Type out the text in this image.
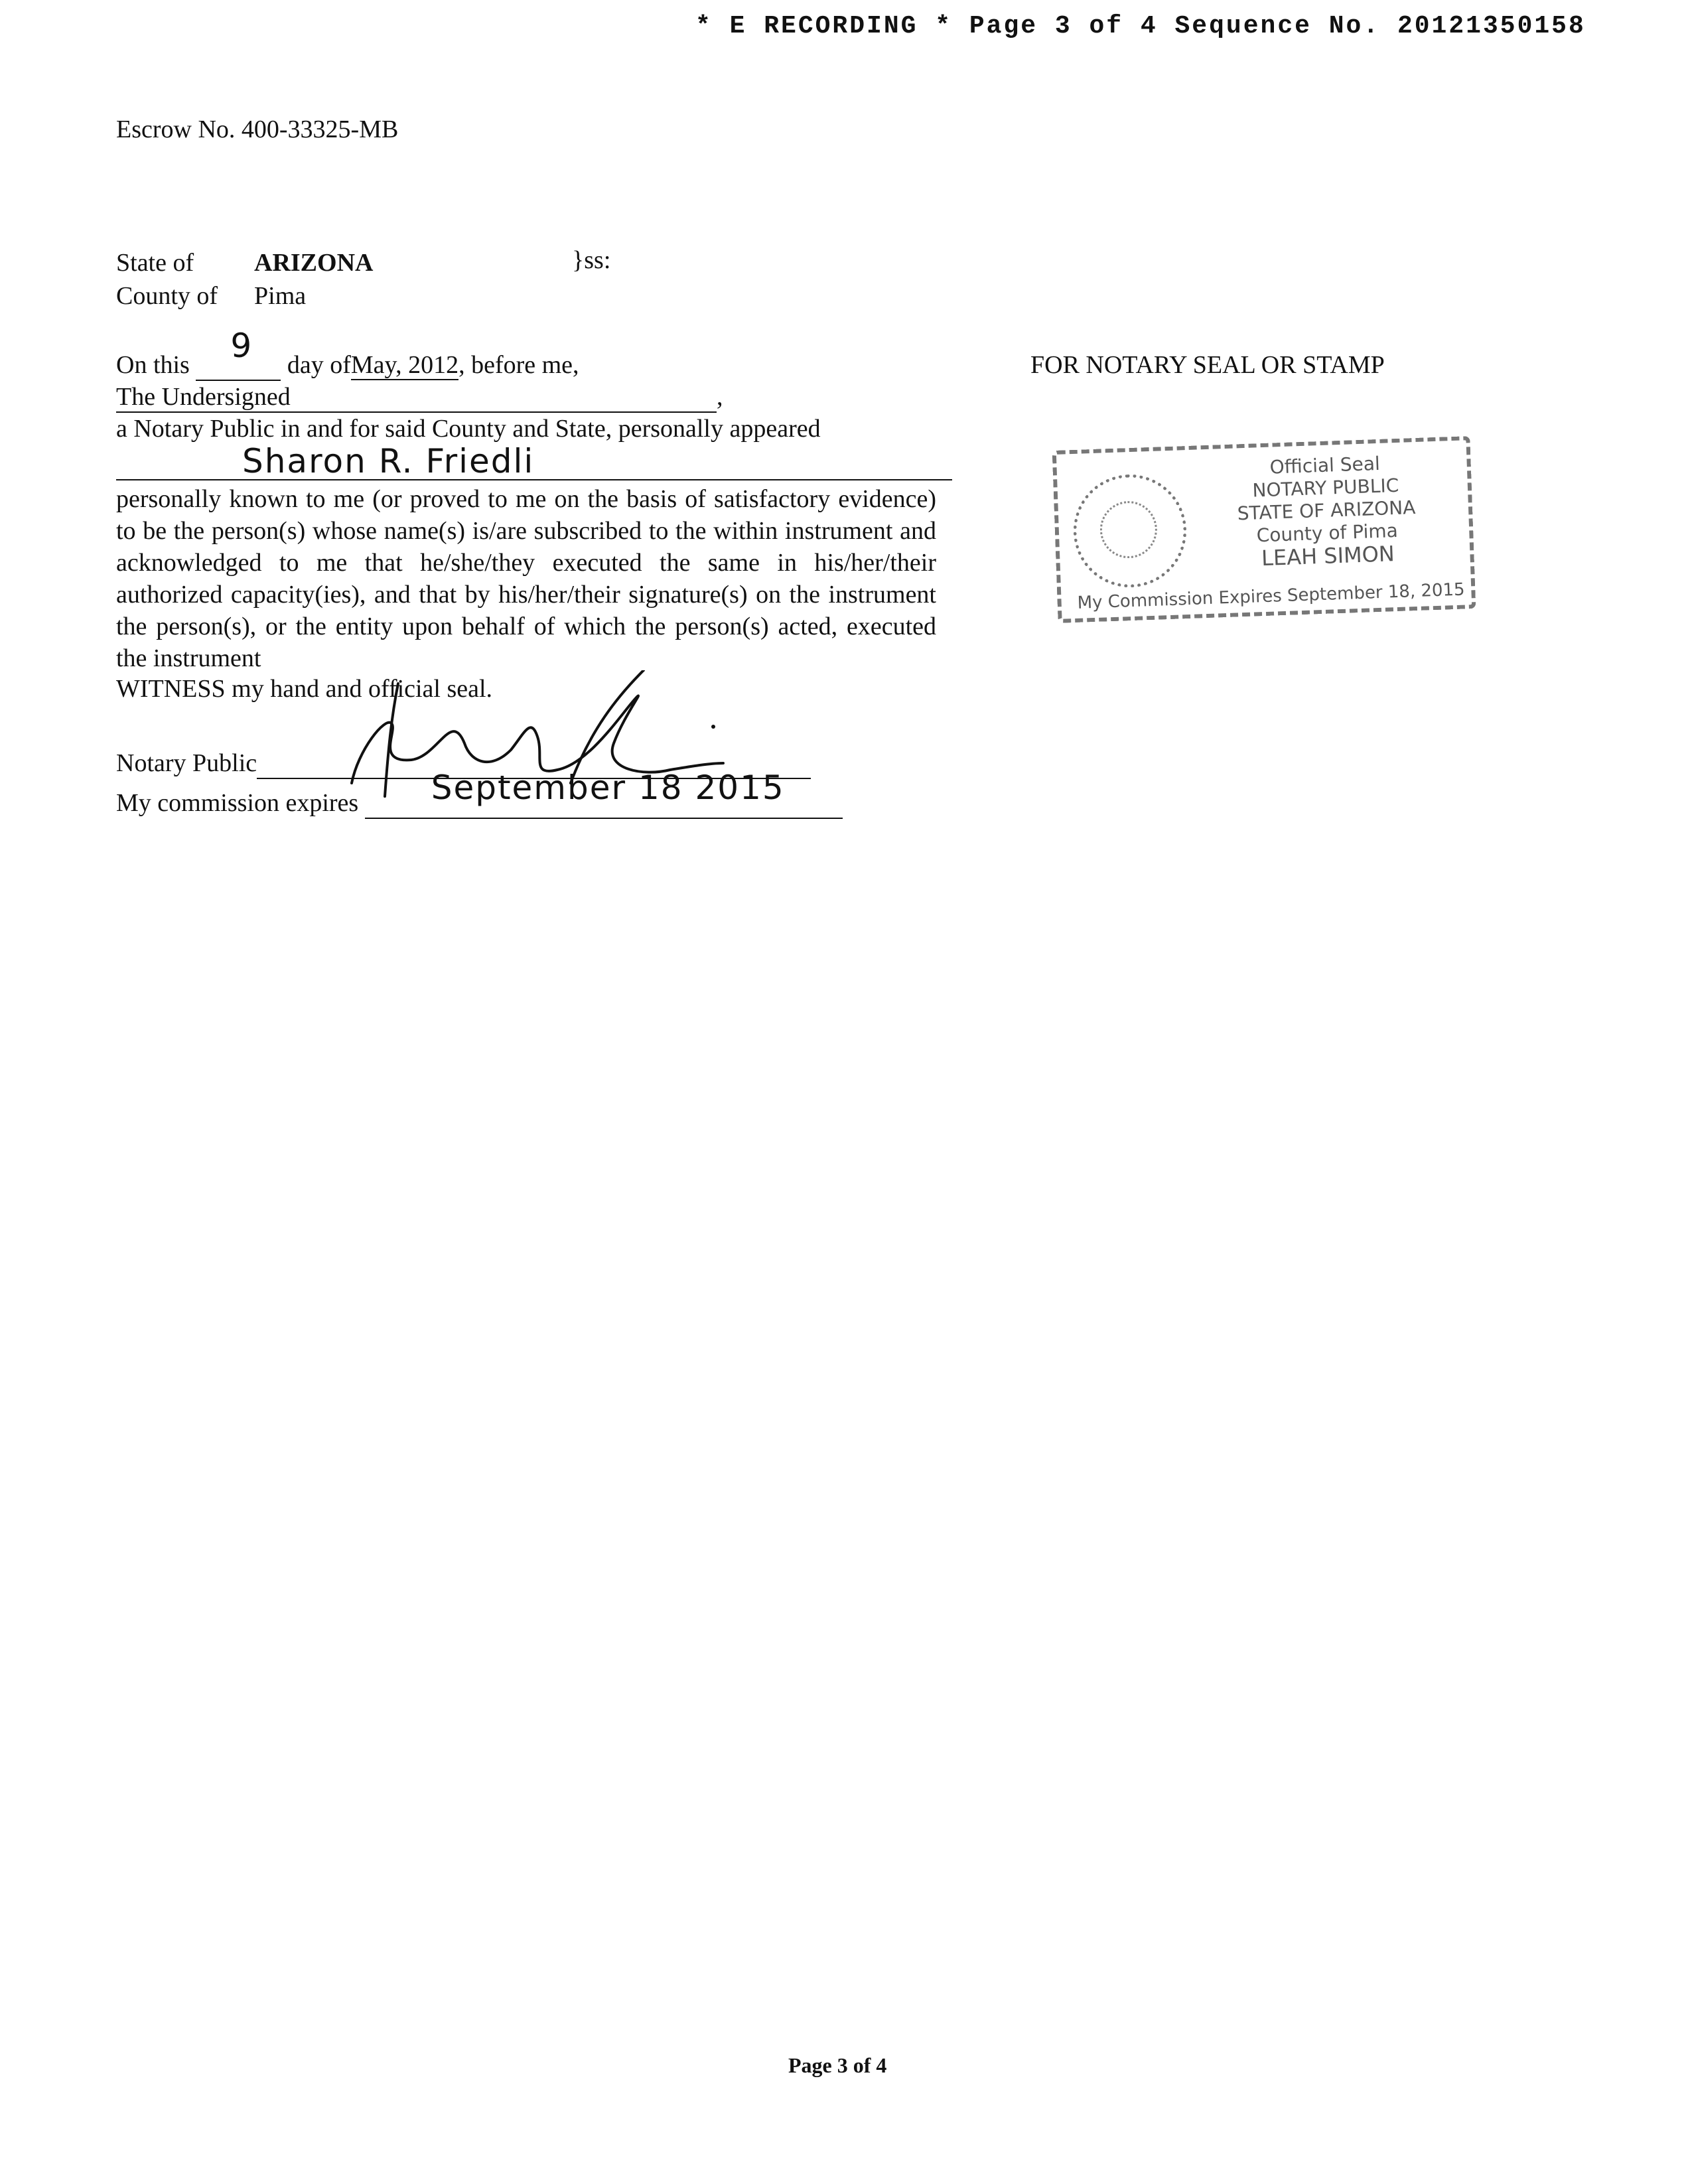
* E RECORDING * Page 3 of 4 Sequence No. 20121350158
Escrow No. 400-33325-MB
State of ARIZONA	}ss:
County of Pima
FOR NOTARY SEAL OR STAMP
On this 9 day ofMay, 2012, before me,
The Undersigned	,
a Notary Public in and for said County and State, personally appeared
Sharon R. Friedli
personally known to me (or proved to me on the basis of satisfactory evidence) to be the person(s) whose name(s) is/are subscribed to the within instrument and acknowledged to me that he/she/they executed the same in his/her/their authorized capacity(ies), and that by his/her/their signature(s) on the instrument the person(s), or the entity upon behalf of which the person(s) acted, executed the instrument
WITNESS my hand and official seal.
Notary Public
My commission expires September 18 2015

Official Seal
NOTARY PUBLIC
STATE OF ARIZONA
County of Pima
LEAH SIMON
My Commission Expires September 18, 2015
Page 3 of 4
